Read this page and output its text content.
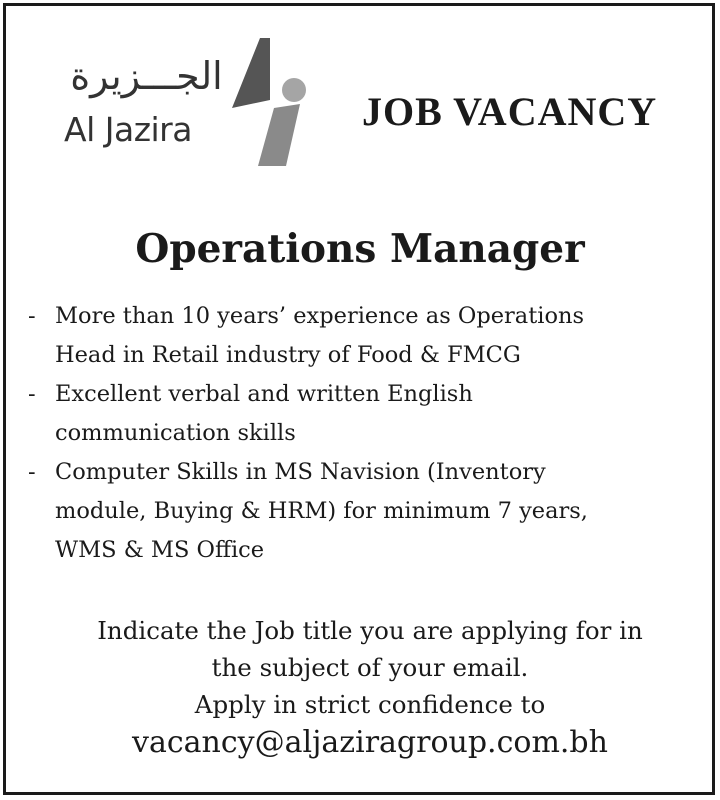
الجـــزيرة
Al Jazira	JOB VACANCY
Operations Manager
- More than 10 years’ experience as Operations
Head in Retail industry of Food & FMCG
- Excellent verbal and written English
communication skills
- Computer Skills in MS Navision (Inventory
module, Buying & HRM) for minimum 7 years,
WMS & MS Office
Indicate the Job title you are applying for in
the subject of your email.
Apply in strict confidence to
vacancy@aljaziragroup.com.bh
